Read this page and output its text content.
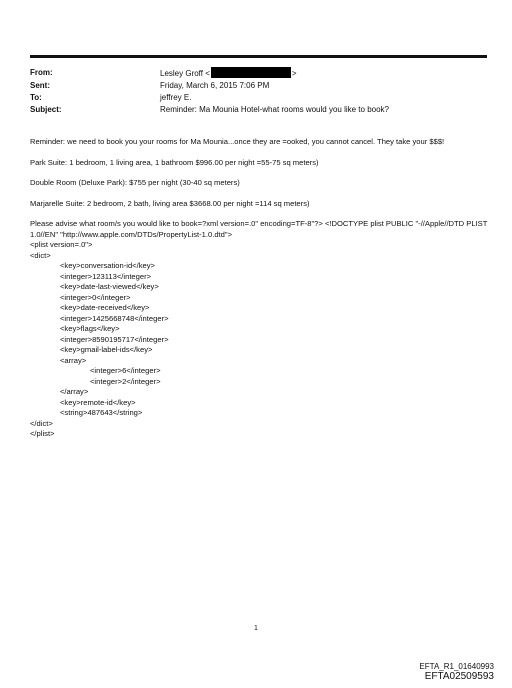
From:	Lesley Groff <	>
Sent:	Friday, March 6, 2015 7:06 PM
To:	jeffrey E.
Subject:	Reminder: Ma Mounia Hotel-what rooms would you like to book?

Reminder: we need to book you your rooms for Ma Mounia...once they are =ooked, you cannot cancel. They take your $$$!

Park Suite: 1 bedroom, 1 living area, 1 bathroom $996.00 per night =55-75 sq meters)

Double Room (Deluxe Park): $755 per night (30-40 sq meters)

Marjarelle Suite: 2 bedroom, 2 bath, living area $3668.00 per night =114 sq meters)

Please advise what room/s you would like to book=?xml version=.0" encoding=TF-8"?> <!DOCTYPE plist PUBLIC "-//Apple//DTD PLIST 1.0//EN" "http://www.apple.com/DTDs/PropertyList-1.0.dtd">

<plist version=.0">
<dict>
<key>conversation-id</key>
<integer>123113</integer>
<key>date-last-viewed</key>
<integer>0</integer>
<key>date-received</key>
<integer>1425668748</integer>
<key>flags</key>
<integer>8590195717</integer>
<key>gmail-label-ids</key>
<array>
<integer>6</integer>
<integer>2</integer>
</array>
<key>remote-id</key>
<string>487643</string>
</dict>
</plist>
1
EFTA_R1_01640993
EFTA02509593
